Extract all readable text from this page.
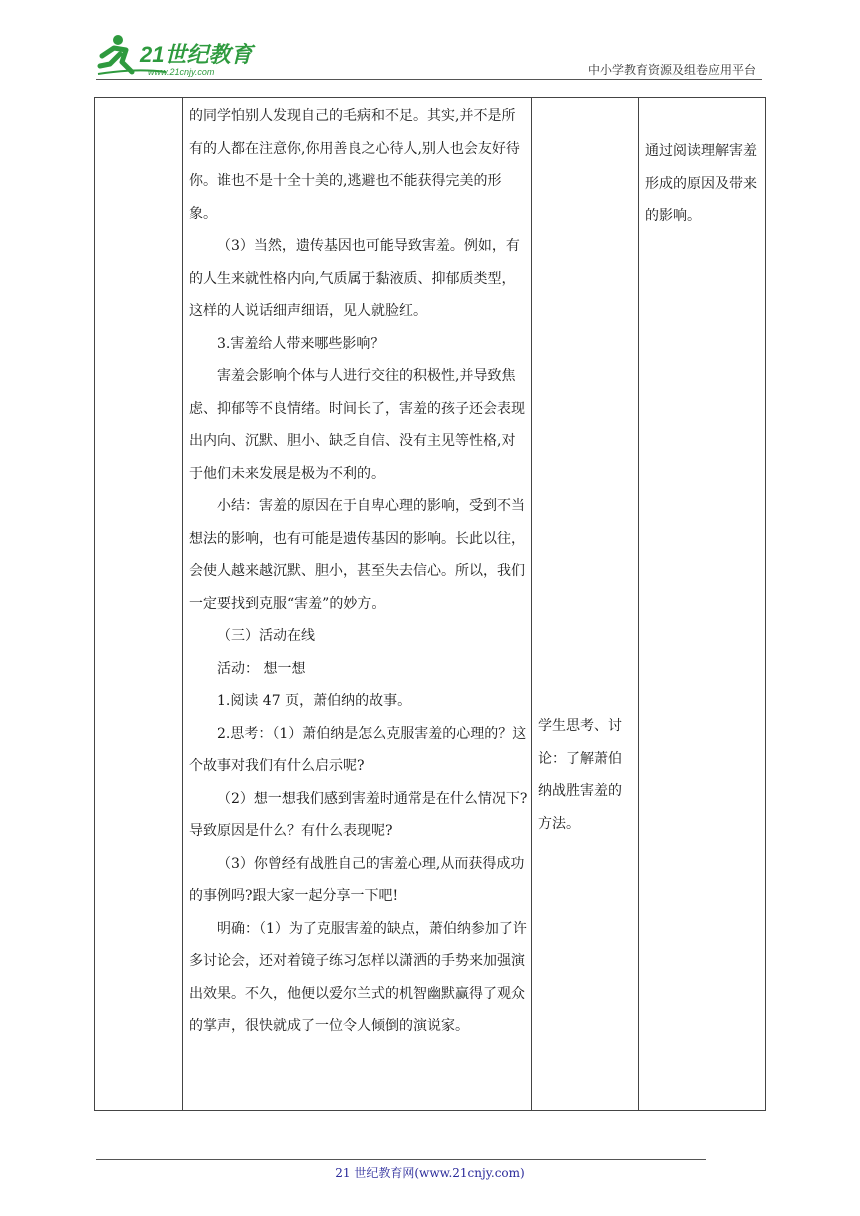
21世纪教育
www.21cnjy.com	中小学教育资源及组卷应用平台

的同学怕别人发现自己的毛病和不足。其实,并不是所有的人都在注意你,你用善良之心待人,别人也会友好待你。谁也不是十全十美的,逃避也不能获得完美的形象。

（3）当然，遗传基因也可能导致害羞。例如，有的人生来就性格内向,气质属于黏液质、抑郁质类型，这样的人说话细声细语，见人就脸红。

3.害羞给人带来哪些影响？

害羞会影响个体与人进行交往的积极性,并导致焦虑、抑郁等不良情绪。时间长了，害羞的孩子还会表现出内向、沉默、胆小、缺乏自信、没有主见等性格,对于他们未来发展是极为不利的。

小结：害羞的原因在于自卑心理的影响，受到不当想法的影响，也有可能是遗传基因的影响。长此以往，会使人越来越沉默、胆小，甚至失去信心。所以，我们一定要找到克服“害羞”的妙方。

（三）活动在线

活动： 想一想

1.阅读 47 页，萧伯纳的故事。

2.思考：（1）萧伯纳是怎么克服害羞的心理的？这个故事对我们有什么启示呢?

（2）想一想我们感到害羞时通常是在什么情况下?导致原因是什么？有什么表现呢?

（3）你曾经有战胜自己的害羞心理,从而获得成功的事例吗?跟大家一起分享一下吧!

明确：（1）为了克服害羞的缺点，萧伯纳参加了许多讨论会，还对着镜子练习怎样以潇洒的手势来加强演出效果。不久，他便以爱尔兰式的机智幽默赢得了观众的掌声，很快就成了一位令人倾倒的演说家。

学生思考、讨论：了解萧伯纳战胜害羞的方法。

通过阅读理解害羞形成的原因及带来的影响。

21 世纪教育网(www.21cnjy.com)
